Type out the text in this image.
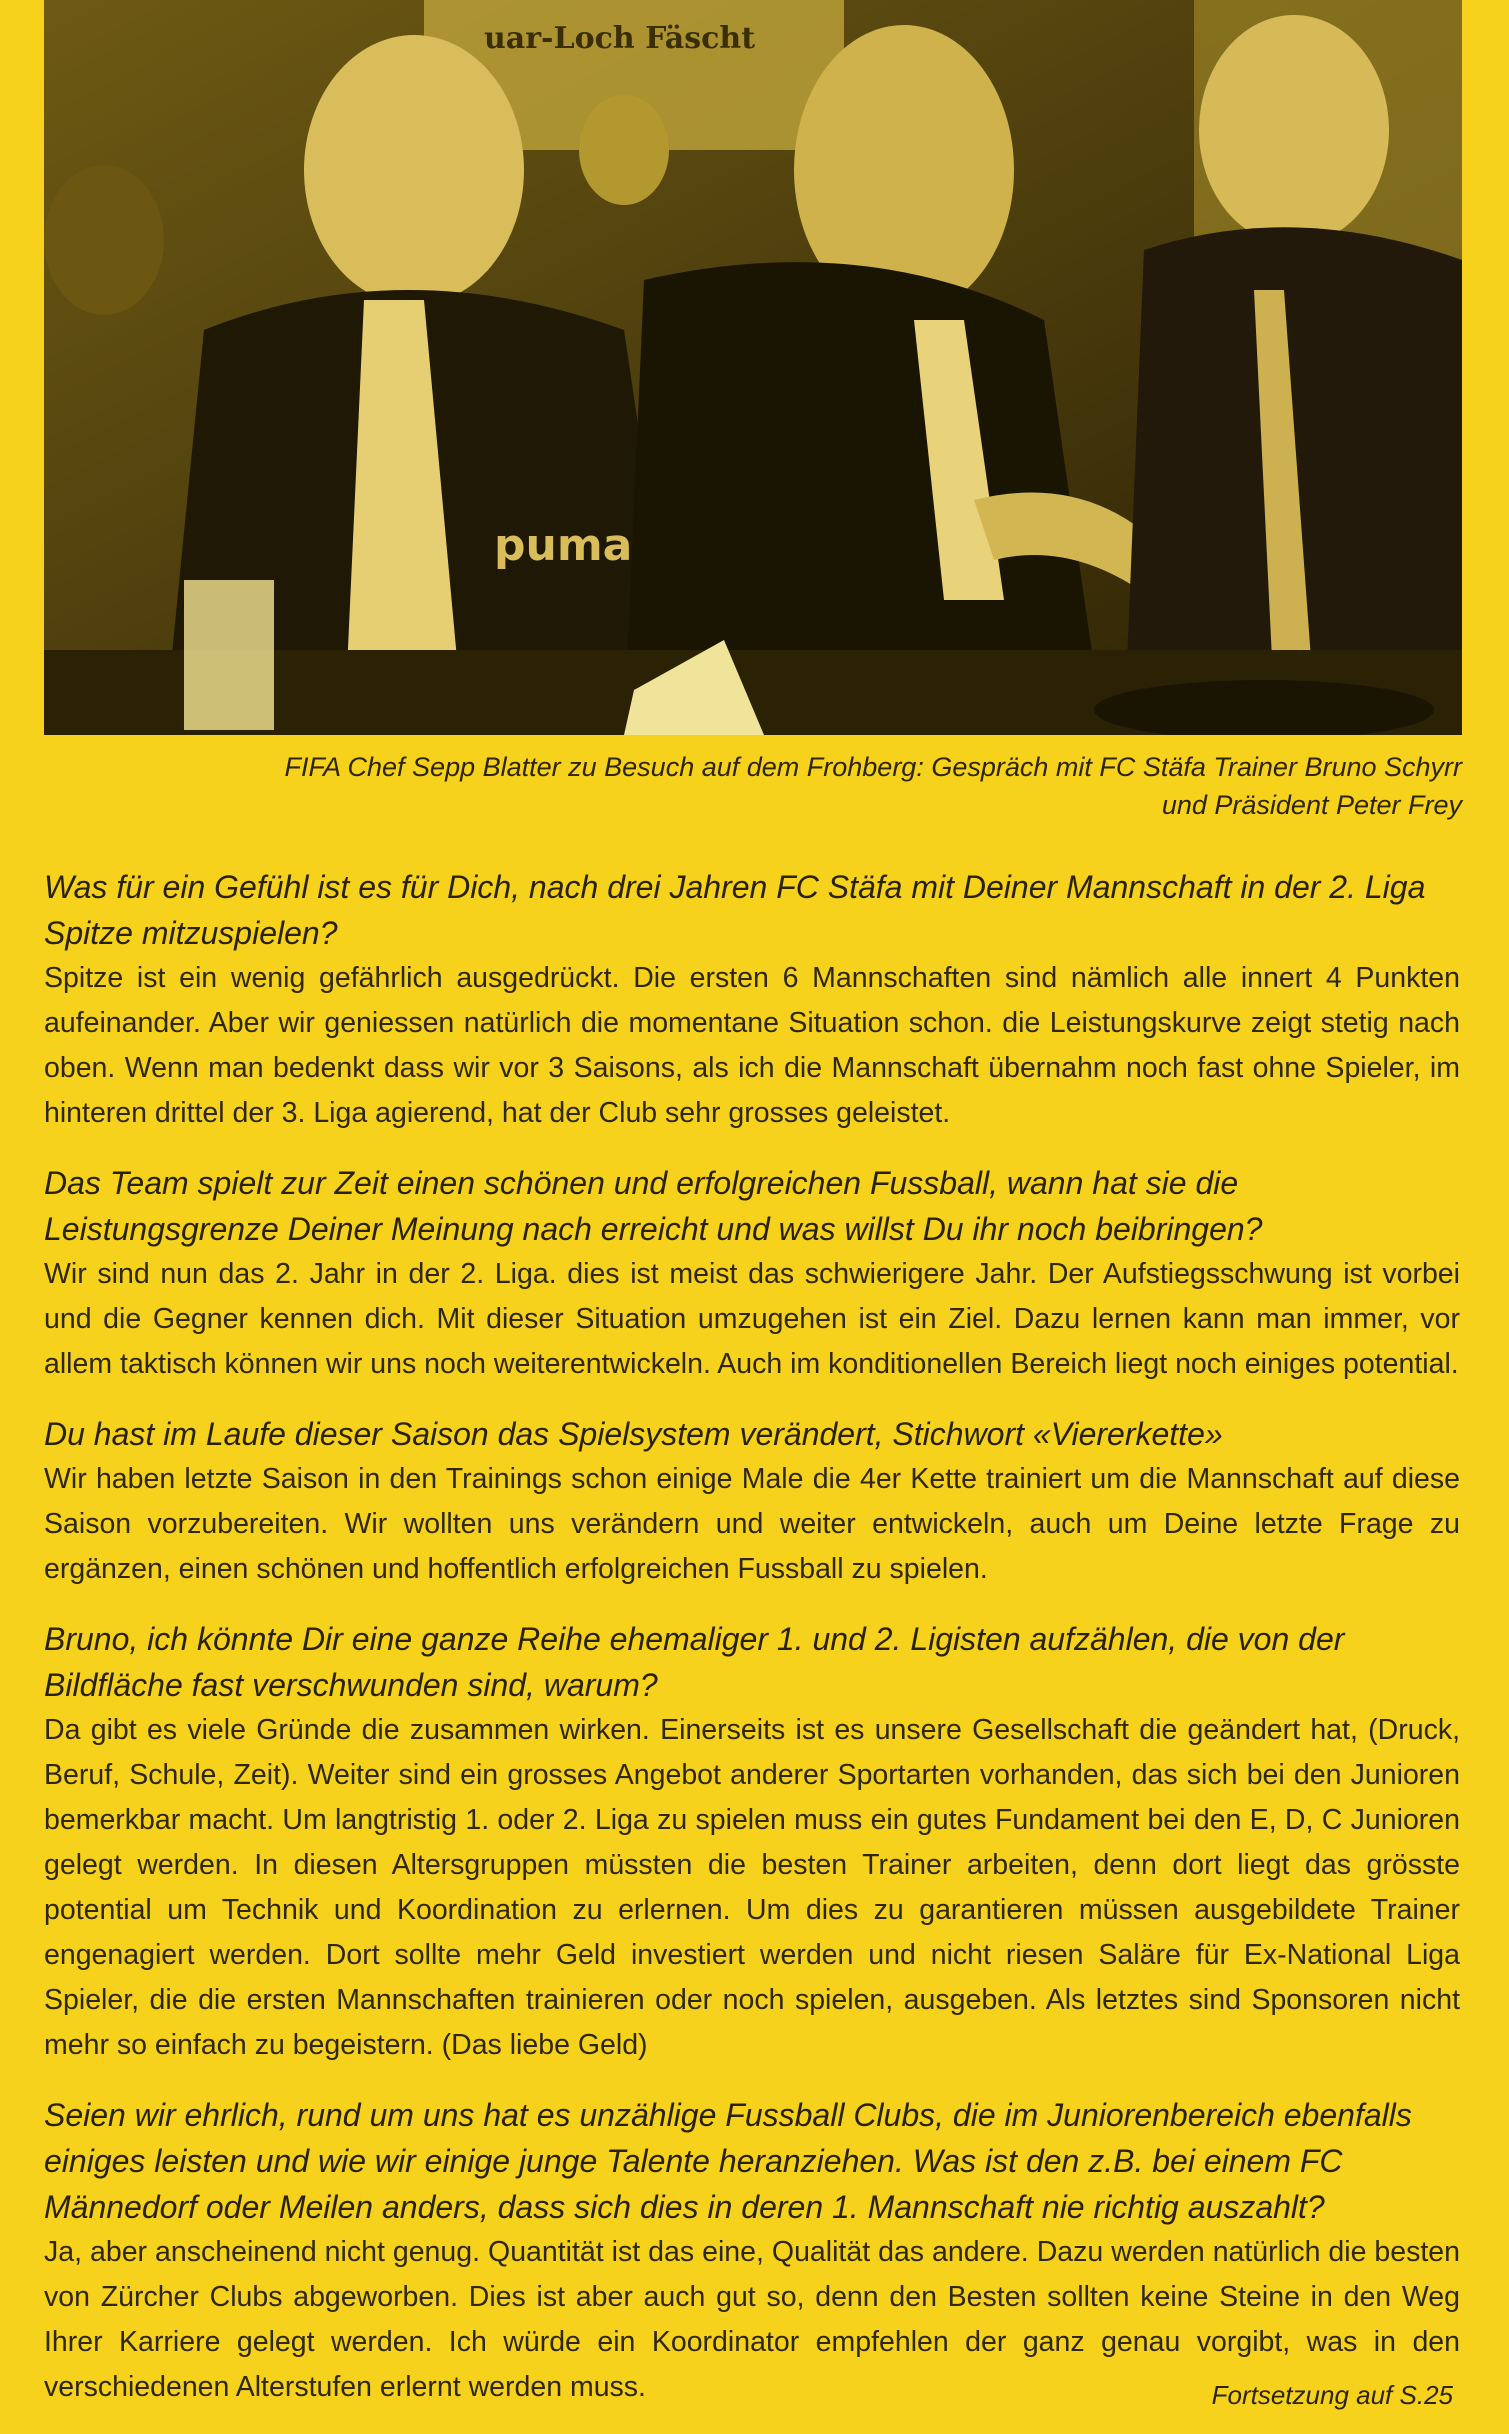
uar-Loch Fäscht
puma
FIFA Chef Sepp Blatter zu Besuch auf dem Frohberg: Gespräch mit FC Stäfa Trainer Bruno Schyrr
und Präsident Peter Frey

Was für ein Gefühl ist es für Dich, nach drei Jahren FC Stäfa mit Deiner Mannschaft in der 2. Liga Spitze mitzuspielen?

Spitze ist ein wenig gefährlich ausgedrückt. Die ersten 6 Mannschaften sind nämlich alle innert 4 Punkten aufeinander. Aber wir geniessen natürlich die momentane Situation schon. die Leistungskurve zeigt stetig nach oben. Wenn man bedenkt dass wir vor 3 Saisons, als ich die Mannschaft übernahm noch fast ohne Spieler, im hinteren drittel der 3. Liga agierend, hat der Club sehr grosses geleistet.

Das Team spielt zur Zeit einen schönen und erfolgreichen Fussball, wann hat sie die Leistungsgrenze Deiner Meinung nach erreicht und was willst Du ihr noch beibringen?

Wir sind nun das 2. Jahr in der 2. Liga. dies ist meist das schwierigere Jahr. Der Aufstiegsschwung ist vorbei und die Gegner kennen dich. Mit dieser Situation umzugehen ist ein Ziel. Dazu lernen kann man immer, vor allem taktisch können wir uns noch weiterentwickeln. Auch im konditionellen Bereich liegt noch einiges potential.

Du hast im Laufe dieser Saison das Spielsystem verändert, Stichwort «Viererkette»

Wir haben letzte Saison in den Trainings schon einige Male die 4er Kette trainiert um die Mannschaft auf diese Saison vorzubereiten. Wir wollten uns verändern und weiter entwickeln, auch um Deine letzte Frage zu ergänzen, einen schönen und hoffentlich erfolgreichen Fussball zu spielen.

Bruno, ich könnte Dir eine ganze Reihe ehemaliger 1. und 2. Ligisten aufzählen, die von der Bildfläche fast verschwunden sind, warum?

Da gibt es viele Gründe die zusammen wirken. Einerseits ist es unsere Gesellschaft die geändert hat, (Druck, Beruf, Schule, Zeit). Weiter sind ein grosses Angebot anderer Sportarten vorhanden, das sich bei den Junioren bemerkbar macht. Um langtristig 1. oder 2. Liga zu spielen muss ein gutes Fundament bei den E, D, C Junioren gelegt werden. In diesen Altersgruppen müssten die besten Trainer arbeiten, denn dort liegt das grösste potential um Technik und Koordination zu erlernen. Um dies zu garantieren müssen ausgebildete Trainer engenagiert werden. Dort sollte mehr Geld investiert werden und nicht riesen Saläre für Ex-National Liga Spieler, die die ersten Mannschaften trainieren oder noch spielen, ausgeben. Als letztes sind Sponsoren nicht mehr so einfach zu begeistern. (Das liebe Geld)

Seien wir ehrlich, rund um uns hat es unzählige Fussball Clubs, die im Juniorenbereich ebenfalls einiges leisten und wie wir einige junge Talente heranziehen. Was ist den z.B. bei einem FC Männedorf oder Meilen anders, dass sich dies in deren 1. Mannschaft nie richtig auszahlt?

Ja, aber anscheinend nicht genug. Quantität ist das eine, Qualität das andere. Dazu werden natürlich die besten von Zürcher Clubs abgeworben. Dies ist aber auch gut so, denn den Besten sollten keine Steine in den Weg Ihrer Karriere gelegt werden. Ich würde ein Koordinator empfehlen der ganz genau vorgibt, was in den verschiedenen Alterstufen erlernt werden muss.	Fortsetzung auf S.25
